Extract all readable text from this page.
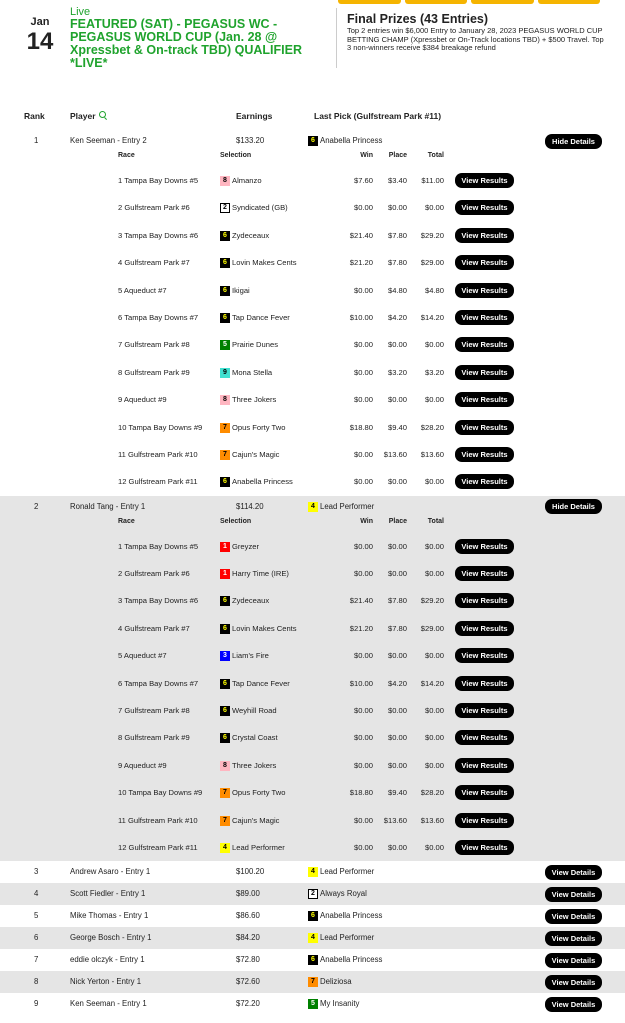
Jan
14
Live
FEATURED (SAT) - PEGASUS WC - PEGASUS WORLD CUP (Jan. 28 @ Xpressbet & On-track TBD) QUALIFIER *LIVE*
Final Prizes (43 Entries)
Top 2 entries win $6,000 Entry to January 28, 2023 PEGASUS WORLD CUP BETTING CHAMP (Xpressbet or On-Track locations TBD) + $500 Travel. Top 3 non-winners receive $384 breakage refund
Rank	Player	Earnings	Last Pick (Gulfstream Park #11)
1	Ken Seeman - Entry 2	$133.20	6 Anabella Princess	Hide Details
Race	Selection	Win Place	Total
1 Tampa Bay Downs #5	8 Almanzo	$7.60 $3.40 $11.00	View Results
2 Gulfstream Park #6	2 Syndicated (GB)	$0.00 $0.00 $0.00	View Results
3 Tampa Bay Downs #6	6 Zydeceaux	$21.40 $7.80 $29.20	View Results
4 Gulfstream Park #7	6 Lovin Makes Cents	$21.20 $7.80 $29.00	View Results
5 Aqueduct #7	6 Ikigai	$0.00 $4.80 $4.80	View Results
6 Tampa Bay Downs #7	6 Tap Dance Fever	$10.00 $4.20 $14.20	View Results
7 Gulfstream Park #8	5 Prairie Dunes	$0.00 $0.00 $0.00	View Results
8 Gulfstream Park #9	9 Mona Stella	$0.00 $3.20 $3.20	View Results
9 Aqueduct #9	8 Three Jokers	$0.00 $0.00 $0.00	View Results
10 Tampa Bay Downs #9	7 Opus Forty Two	$18.80 $9.40 $28.20	View Results
11 Gulfstream Park #10	7 Cajun's Magic	$0.00 $13.60 $13.60	View Results
12 Gulfstream Park #11	6 Anabella Princess	$0.00 $0.00 $0.00	View Results
2	Ronald Tang - Entry 1	$114.20	4 Lead Performer	Hide Details
Race	Selection	Win Place	Total
1 Tampa Bay Downs #5	1 Greyzer	$0.00 $0.00 $0.00	View Results
2 Gulfstream Park #6	1 Harry Time (IRE)	$0.00 $0.00 $0.00	View Results
3 Tampa Bay Downs #6	6 Zydeceaux	$21.40 $7.80 $29.20	View Results
4 Gulfstream Park #7	6 Lovin Makes Cents	$21.20 $7.80 $29.00	View Results
5 Aqueduct #7	3 Liam's Fire	$0.00 $0.00 $0.00	View Results
6 Tampa Bay Downs #7	6 Tap Dance Fever	$10.00 $4.20 $14.20	View Results
7 Gulfstream Park #8	6 Weyhill Road	$0.00 $0.00 $0.00	View Results
8 Gulfstream Park #9	6 Crystal Coast	$0.00 $0.00 $0.00	View Results
9 Aqueduct #9	8 Three Jokers	$0.00 $0.00 $0.00	View Results
10 Tampa Bay Downs #9	7 Opus Forty Two	$18.80 $9.40 $28.20	View Results
11 Gulfstream Park #10	7 Cajun's Magic	$0.00 $13.60 $13.60	View Results
12 Gulfstream Park #11	4 Lead Performer	$0.00 $0.00 $0.00	View Results
3	Andrew Asaro - Entry 1	$100.20	4 Lead Performer	View Details
4	Scott Fiedler - Entry 1	$89.00	2 Always Royal	View Details
5	Mike Thomas - Entry 1	$86.60	6 Anabella Princess	View Details
6	George Bosch - Entry 1	$84.20	4 Lead Performer	View Details
7	eddie olczyk - Entry 1	$72.80	6 Anabella Princess	View Details
8	Nick Yerton - Entry 1	$72.60	7 Deliziosa	View Details
9	Ken Seeman - Entry 1	$72.20	5 My Insanity	View Details
